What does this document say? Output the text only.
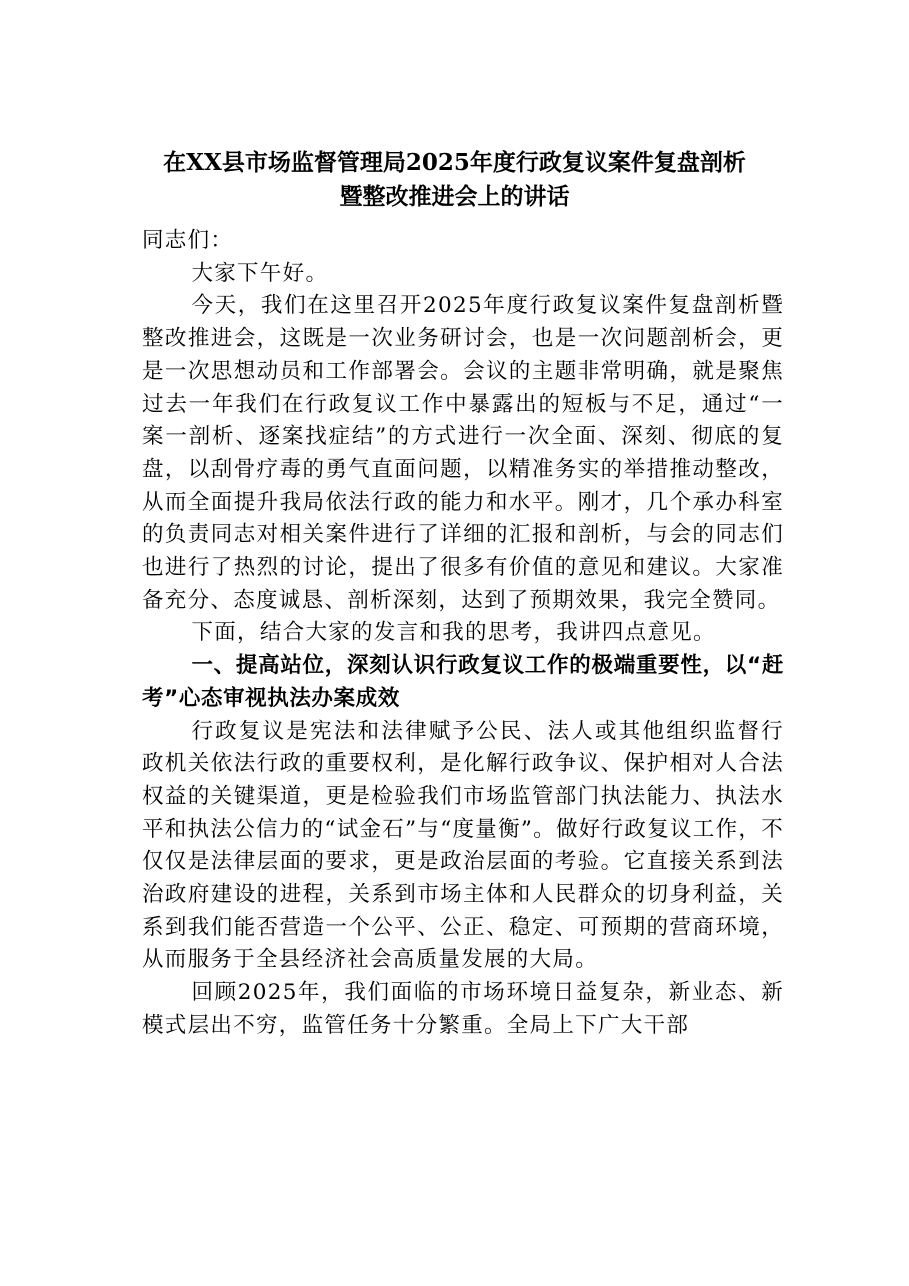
在XX县市场监督管理局2025年度行政复议案件复盘剖析
暨整改推进会上的讲话

同志们：

大家下午好。

今天，我们在这里召开2025年度行政复议案件复盘剖析暨整改推进会，这既是一次业务研讨会，也是一次问题剖析会，更是一次思想动员和工作部署会。会议的主题非常明确，就是聚焦过去一年我们在行政复议工作中暴露出的短板与不足，通过“一案一剖析、逐案找症结”的方式进行一次全面、深刻、彻底的复盘，以刮骨疗毒的勇气直面问题，以精准务实的举措推动整改，从而全面提升我局依法行政的能力和水平。刚才，几个承办科室的负责同志对相关案件进行了详细的汇报和剖析，与会的同志们也进行了热烈的讨论，提出了很多有价值的意见和建议。大家准备充分、态度诚恳、剖析深刻，达到了预期效果，我完全赞同。

下面，结合大家的发言和我的思考，我讲四点意见。

一、提高站位，深刻认识行政复议工作的极端重要性，以“赶考”心态审视执法办案成效

行政复议是宪法和法律赋予公民、法人或其他组织监督行政机关依法行政的重要权利，是化解行政争议、保护相对人合法权益的关键渠道，更是检验我们市场监管部门执法能力、执法水平和执法公信力的“试金石”与“度量衡”。做好行政复议工作，不仅仅是法律层面的要求，更是政治层面的考验。它直接关系到法治政府建设的进程，关系到市场主体和人民群众的切身利益，关系到我们能否营造一个公平、公正、稳定、可预期的营商环境，从而服务于全县经济社会高质量发展的大局。

回顾2025年，我们面临的市场环境日益复杂，新业态、新模式层出不穷，监管任务十分繁重。全局上下广大干部
